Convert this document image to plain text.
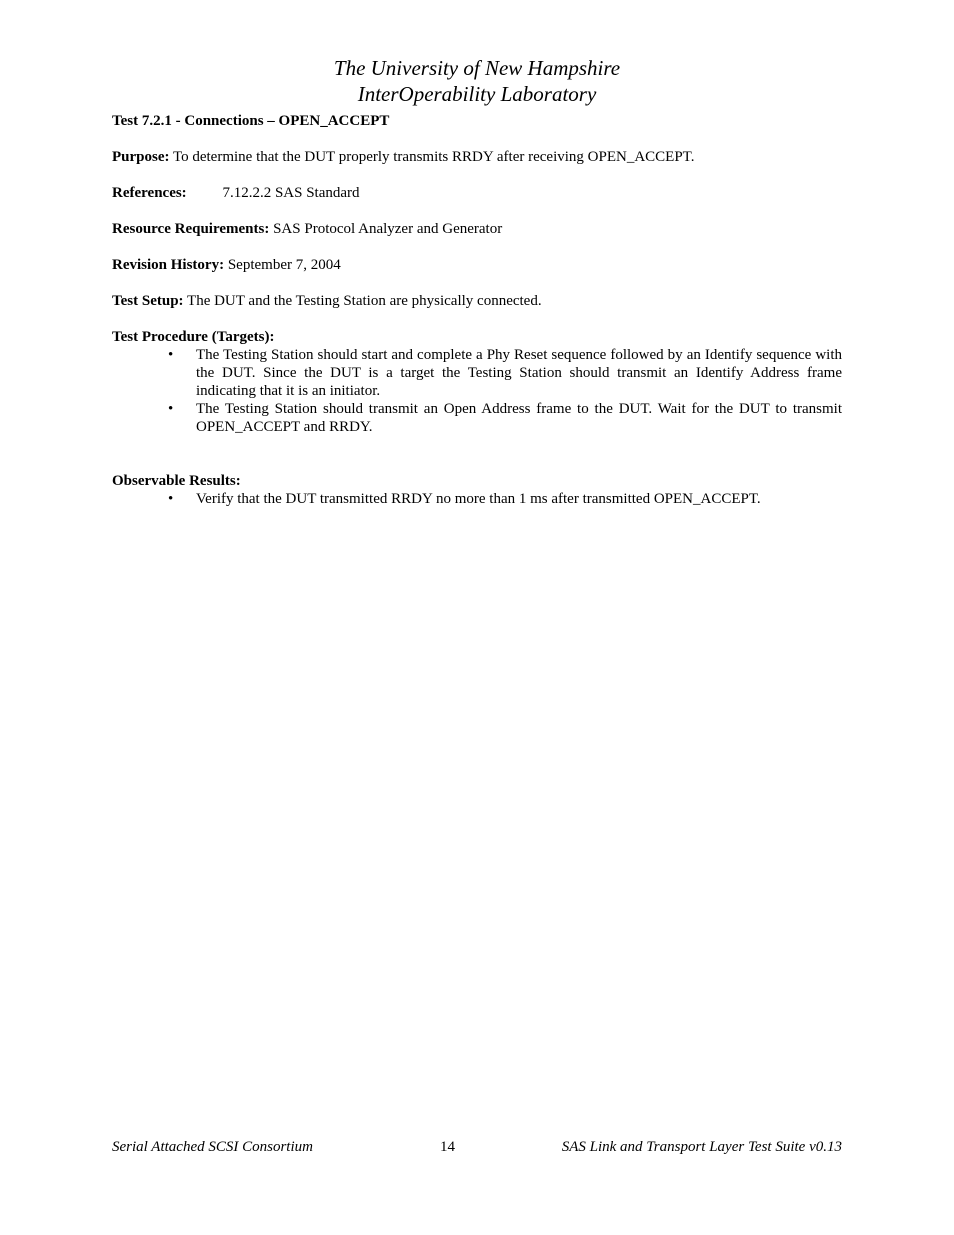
The University of New Hampshire
InterOperability Laboratory

Test 7.2.1 - Connections – OPEN_ACCEPT

Purpose: To determine that the DUT properly transmits RRDY after receiving OPEN_ACCEPT.

References: 7.12.2.2 SAS Standard

Resource Requirements: SAS Protocol Analyzer and Generator

Revision History: September 7, 2004

Test Setup: The DUT and the Testing Station are physically connected.

Test Procedure (Targets):
• The Testing Station should start and complete a Phy Reset sequence followed by an Identify sequence with the DUT. Since the DUT is a target the Testing Station should transmit an Identify Address frame indicating that it is an initiator.
• The Testing Station should transmit an Open Address frame to the DUT. Wait for the DUT to transmit OPEN_ACCEPT and RRDY.
Observable Results:
• Verify that the DUT transmitted RRDY no more than 1 ms after transmitted OPEN_ACCEPT.
Serial Attached SCSI Consortium	14	SAS Link and Transport Layer Test Suite v0.13
